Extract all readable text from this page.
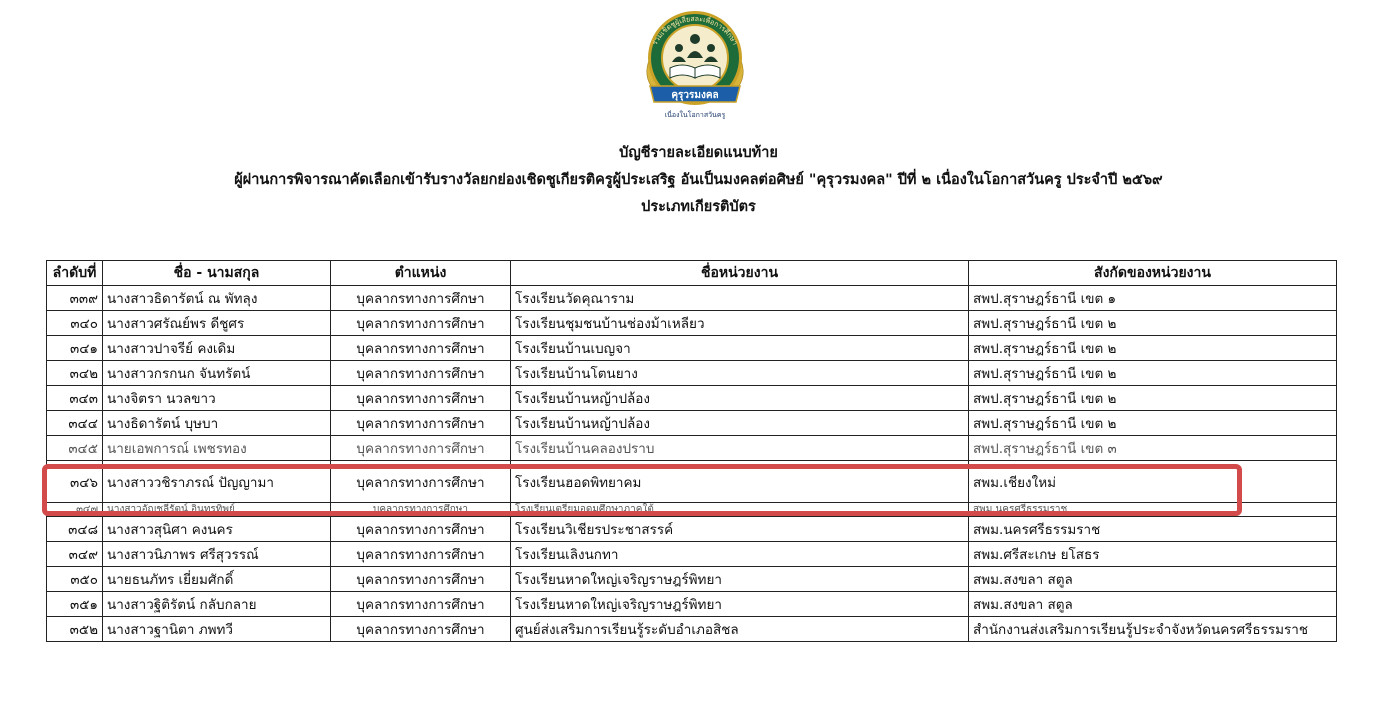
ร่วมเชิดชูผู้เสียสละเพื่อการศึกษา
คุรุวรมงคล
เนื่องในโอกาสวันครู
บัญชีรายละเอียดแนบท้าย
ผู้ผ่านการพิจารณาคัดเลือกเข้ารับรางวัลยกย่องเชิดชูเกียรติครูผู้ประเสริฐ อันเป็นมงคลต่อศิษย์ "คุรุวรมงคล" ปีที่ ๒ เนื่องในโอกาสวันครู ประจำปี ๒๕๖๙
ประเภทเกียรติบัตร
ลำดับที่	ชื่อ - นามสกุล	ตำแหน่ง	ชื่อหน่วยงาน	สังกัดของหน่วยงาน
๓๓๙	นางสาวธิดารัตน์ ณ พัทลุง	บุคลากรทางการศึกษา	โรงเรียนวัดคุณาราม	สพป.สุราษฎร์ธานี เขต ๑
๓๔๐	นางสาวศรัณย์พร ดีชูศร	บุคลากรทางการศึกษา	โรงเรียนชุมชนบ้านช่องม้าเหลียว	สพป.สุราษฎร์ธานี เขต ๒
๓๔๑	นางสาวปาจรีย์ คงเดิม	บุคลากรทางการศึกษา	โรงเรียนบ้านเบญจา	สพป.สุราษฎร์ธานี เขต ๒
๓๔๒	นางสาวกรกนก จันทรัตน์	บุคลากรทางการศึกษา	โรงเรียนบ้านโตนยาง	สพป.สุราษฎร์ธานี เขต ๒
๓๔๓	นางจิตรา นวลขาว	บุคลากรทางการศึกษา	โรงเรียนบ้านหญ้าปล้อง	สพป.สุราษฎร์ธานี เขต ๒
๓๔๔	นางธิดารัตน์ บุษบา	บุคลากรทางการศึกษา	โรงเรียนบ้านหญ้าปล้อง	สพป.สุราษฎร์ธานี เขต ๒
๓๔๕	นายเอพการณ์ เพชรทอง	บุคลากรทางการศึกษา	โรงเรียนบ้านคลองปราบ	สพป.สุราษฎร์ธานี เขต ๓
๓๔๖	นางสาววชิราภรณ์ ปัญญามา	บุคลากรทางการศึกษา	โรงเรียนฮอดพิทยาคม	สพม.เชียงใหม่
๓๔๗	นางสาวอัญชลีรัตน์ อินทรทิพย์	บุคลากรทางการศึกษา	โรงเรียนเตรียมอุดมศึกษาภาคใต้	สพม.นครศรีธรรมราช
๓๔๘	นางสาวสุนิศา คงนคร	บุคลากรทางการศึกษา	โรงเรียนวิเชียรประชาสรรค์	สพม.นครศรีธรรมราช
๓๔๙	นางสาวนิภาพร ศรีสุวรรณ์	บุคลากรทางการศึกษา	โรงเรียนเลิงนกทา	สพม.ศรีสะเกษ ยโสธร
๓๕๐	นายธนภัทร เยี่ยมศักดิ์	บุคลากรทางการศึกษา	โรงเรียนหาดใหญ่เจริญราษฎร์พิทยา	สพม.สงขลา สตูล
๓๕๑	นางสาวฐิติรัตน์ กลับกลาย	บุคลากรทางการศึกษา	โรงเรียนหาดใหญ่เจริญราษฎร์พิทยา	สพม.สงขลา สตูล
๓๕๒	นางสาวฐานิตา ภพทวี	บุคลากรทางการศึกษา	ศูนย์ส่งเสริมการเรียนรู้ระดับอำเภอสิชล	สำนักงานส่งเสริมการเรียนรู้ประจำจังหวัดนครศรีธรรมราช
